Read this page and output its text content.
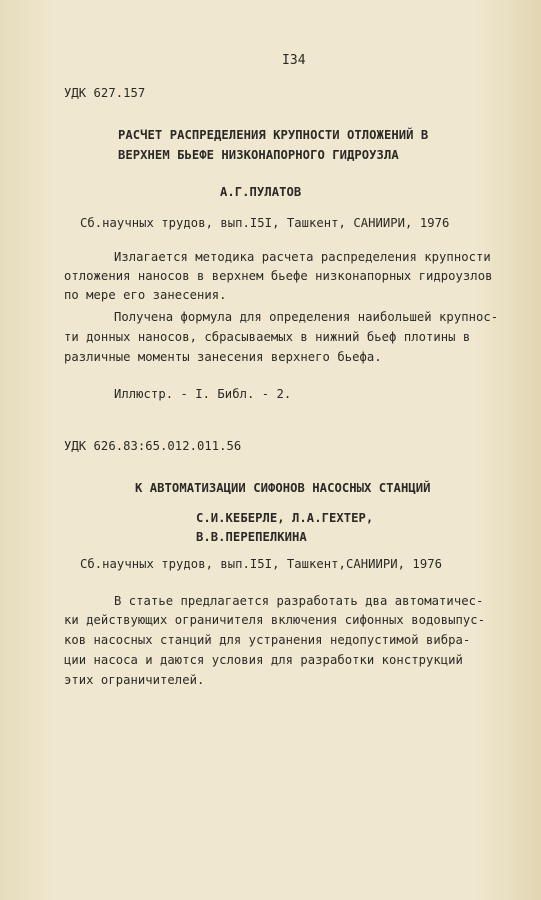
I34
УДК 627.157
РАСЧЕТ РАСПРЕДЕЛЕНИЯ КРУПНОСТИ ОТЛОЖЕНИЙ В
ВЕРХНЕМ БЬЕФЕ НИЗКОНАПОРНОГО ГИДРОУЗЛА
А.Г.ПУЛАТОВ
Сб.научных трудов, вып.I5I, Ташкент, САНИИРИ, 1976
Излагается методика расчета распределения крупности
отложения наносов в верхнем бьефе низконапорных гидроузлов
по мере его занесения.
Получена формула для определения наибольшей крупнос-
ти донных наносов, сбрасываемых в нижний бьеф плотины в
различные моменты занесения верхнего бьефа.
Иллюстр. - I. Библ. - 2.
УДК 626.83:65.012.011.56
К АВТОМАТИЗАЦИИ СИФОНОВ НАСОСНЫХ СТАНЦИЙ
С.И.КЕБЕРЛЕ, Л.А.ГЕХТЕР,
В.В.ПЕРЕПЕЛКИНА
Сб.научных трудов, вып.I5I, Ташкент,САНИИРИ, 1976
В статье предлагается разработать два автоматичес-
ки действующих ограничителя включения сифонных водовыпус-
ков насосных станций для устранения недопустимой вибра-
ции насоса и даются условия для разработки конструкций
этих ограничителей.
